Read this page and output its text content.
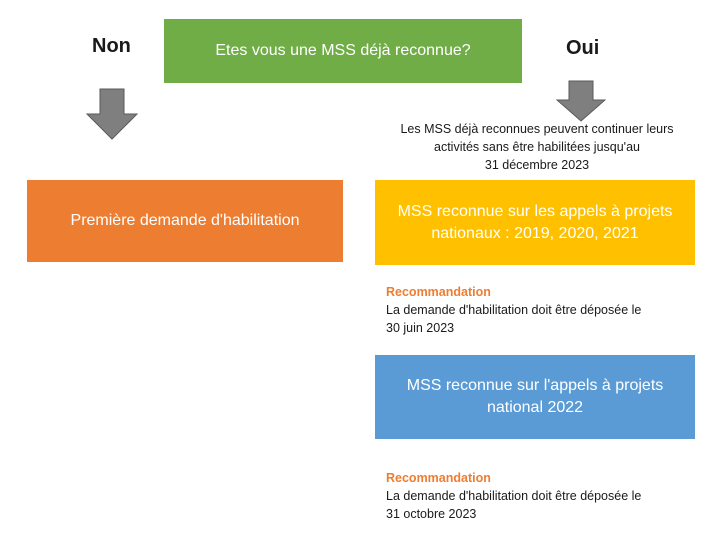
Etes vous une MSS déjà reconnue?
Non	Oui
Les MSS déjà reconnues peuvent continuer leurs
activités sans être habilitées jusqu'au
31 décembre 2023
Première demande d'habilitation
MSS reconnue sur les appels à projets nationaux : 2019, 2020, 2021
Recommandation
La demande d'habilitation doit être déposée le
30 juin 2023
MSS reconnue sur l'appels à projets national 2022
Recommandation
La demande d'habilitation doit être déposée le
31 octobre 2023
